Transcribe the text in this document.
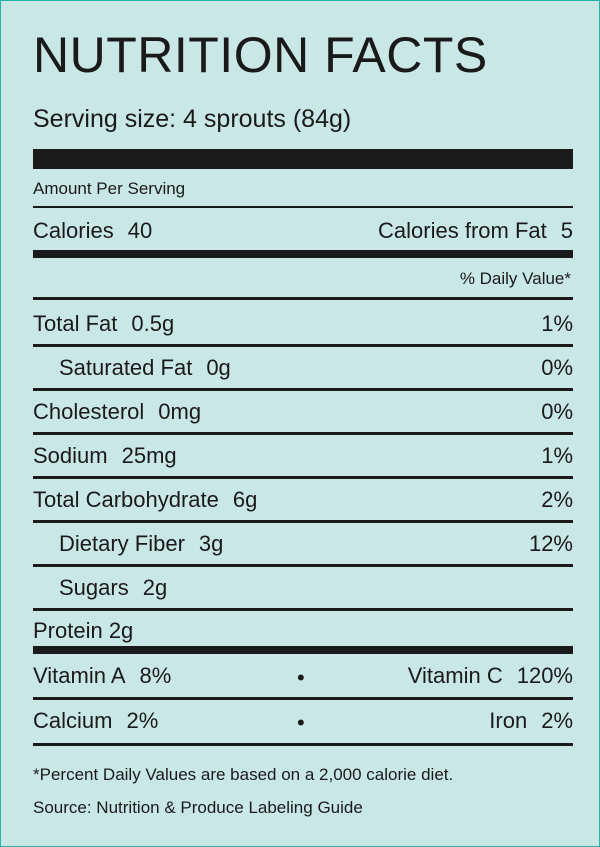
NUTRITION FACTS
Serving size: 4 sprouts (84g)
Amount Per Serving
Calories 40	Calories from Fat 5
% Daily Value*
Total Fat 0.5g	1%
Saturated Fat 0g	0%
Cholesterol 0mg	0%
Sodium 25mg	1%
Total Carbohydrate 6g	2%
Dietary Fiber 3g	12%
Sugars 2g
Protein 2g
Vitamin A 8%	Vitamin C 120%
•
Calcium 2%	Iron 2%
•
*Percent Daily Values are based on a 2,000 calorie diet.
Source: Nutrition & Produce Labeling Guide
